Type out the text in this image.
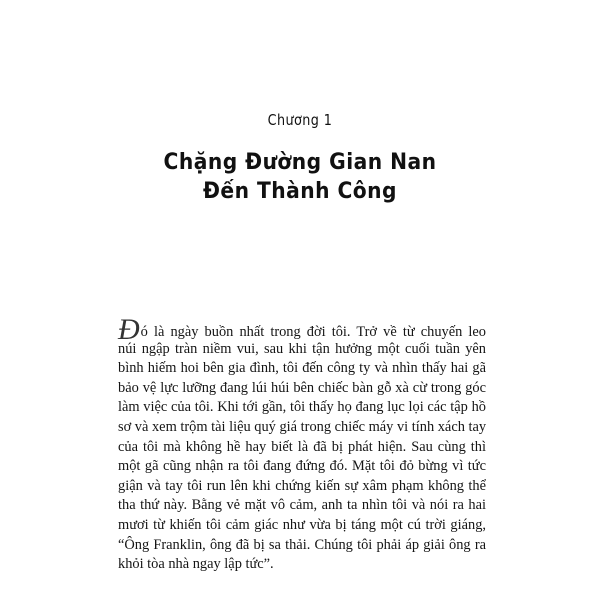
Chương 1
Chặng Đường Gian Nan
Đến Thành Công
Đó là ngày buồn nhất trong đời tôi. Trở về từ chuyến leo
núi ngập tràn niềm vui, sau khi tận hưởng một cuối tuần yên
bình hiếm hoi bên gia đình, tôi đến công ty và nhìn thấy hai gã
bảo vệ lực lưỡng đang lúi húi bên chiếc bàn gỗ xà cừ trong góc
làm việc của tôi. Khi tới gần, tôi thấy họ đang lục lọi các tập hồ
sơ và xem trộm tài liệu quý giá trong chiếc máy vi tính xách tay
của tôi mà không hề hay biết là đã bị phát hiện. Sau cùng thì
một gã cũng nhận ra tôi đang đứng đó. Mặt tôi đỏ bừng vì tức
giận và tay tôi run lên khi chứng kiến sự xâm phạm không thể
tha thứ này. Bằng vẻ mặt vô cảm, anh ta nhìn tôi và nói ra hai
mươi từ khiến tôi cảm giác như vừa bị táng một cú trời giáng,
“Ông Franklin, ông đã bị sa thải. Chúng tôi phải áp giải ông ra
khỏi tòa nhà ngay lập tức”.
